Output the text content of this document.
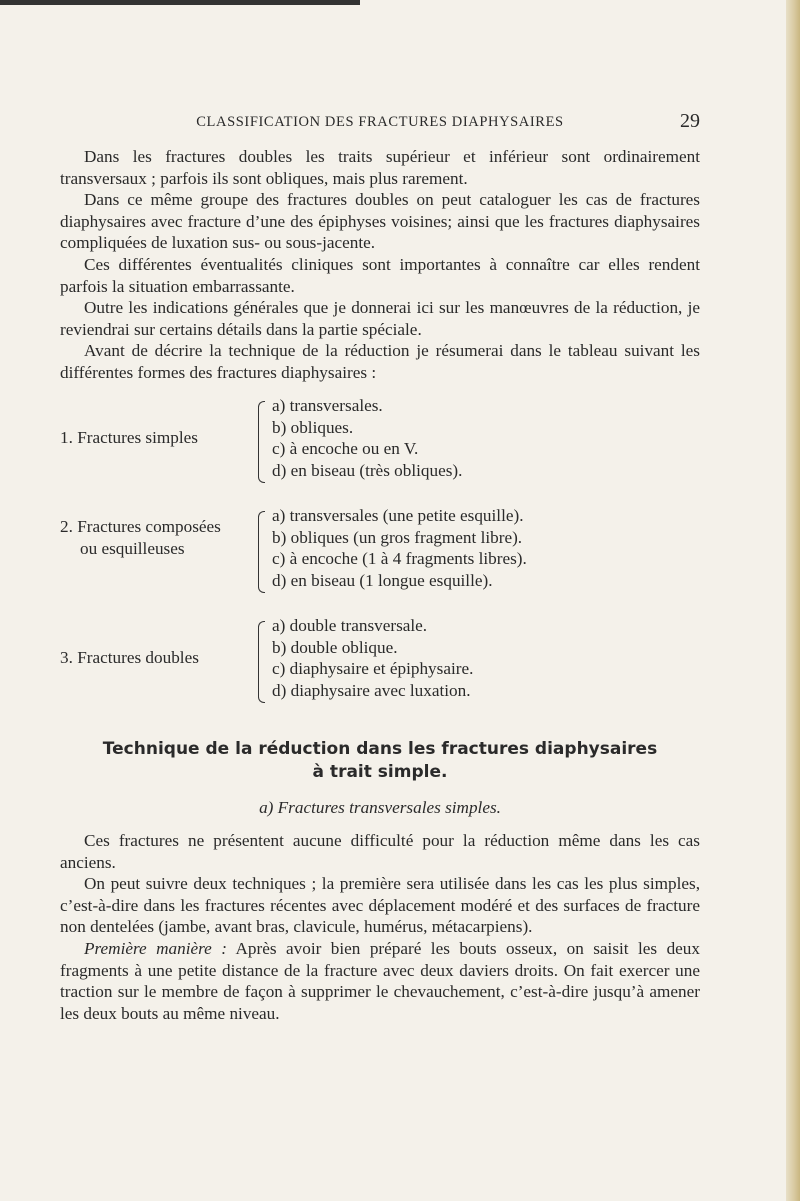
CLASSIFICATION DES FRACTURES DIAPHYSAIRES	29

Dans les fractures doubles les traits supérieur et inférieur sont ordinairement transversaux ; parfois ils sont obliques, mais plus rarement.

Dans ce même groupe des fractures doubles on peut cataloguer les cas de fractures diaphysaires avec fracture d’une des épiphyses voisines; ainsi que les fractures diaphysaires compliquées de luxation sus- ou sous-jacente.

Ces différentes éventualités cliniques sont importantes à connaître car elles rendent parfois la situation embarrassante.

Outre les indications générales que je donnerai ici sur les manœuvres de la réduction, je reviendrai sur certains détails dans la partie spéciale.

Avant de décrire la technique de la réduction je résumerai dans le tableau suivant les différentes formes des fractures diaphysaires :

1. Fractures simples
a) transversales.
b) obliques.
c) à encoche ou en V.
d) en biseau (très obliques).
2. Fractures composées
ou esquilleuses
a) transversales (une petite esquille).
b) obliques (un gros fragment libre).
c) à encoche (1 à 4 fragments libres).
d) en biseau (1 longue esquille).
3. Fractures doubles
a) double transversale.
b) double oblique.
c) diaphysaire et épiphysaire.
d) diaphysaire avec luxation.
Technique de la réduction dans les fractures diaphysaires
à trait simple.
a) Fractures transversales simples.

Ces fractures ne présentent aucune difficulté pour la réduction même dans les cas anciens.

On peut suivre deux techniques ; la première sera utilisée dans les cas les plus simples, c’est-à-dire dans les fractures récentes avec déplacement modéré et des surfaces de fracture non dentelées (jambe, avant bras, clavicule, humérus, métacarpiens).

Première manière : Après avoir bien préparé les bouts osseux, on saisit les deux fragments à une petite distance de la fracture avec deux daviers droits. On fait exercer une traction sur le membre de façon à supprimer le chevauchement, c’est-à-dire jusqu’à amener les deux bouts au même niveau.
